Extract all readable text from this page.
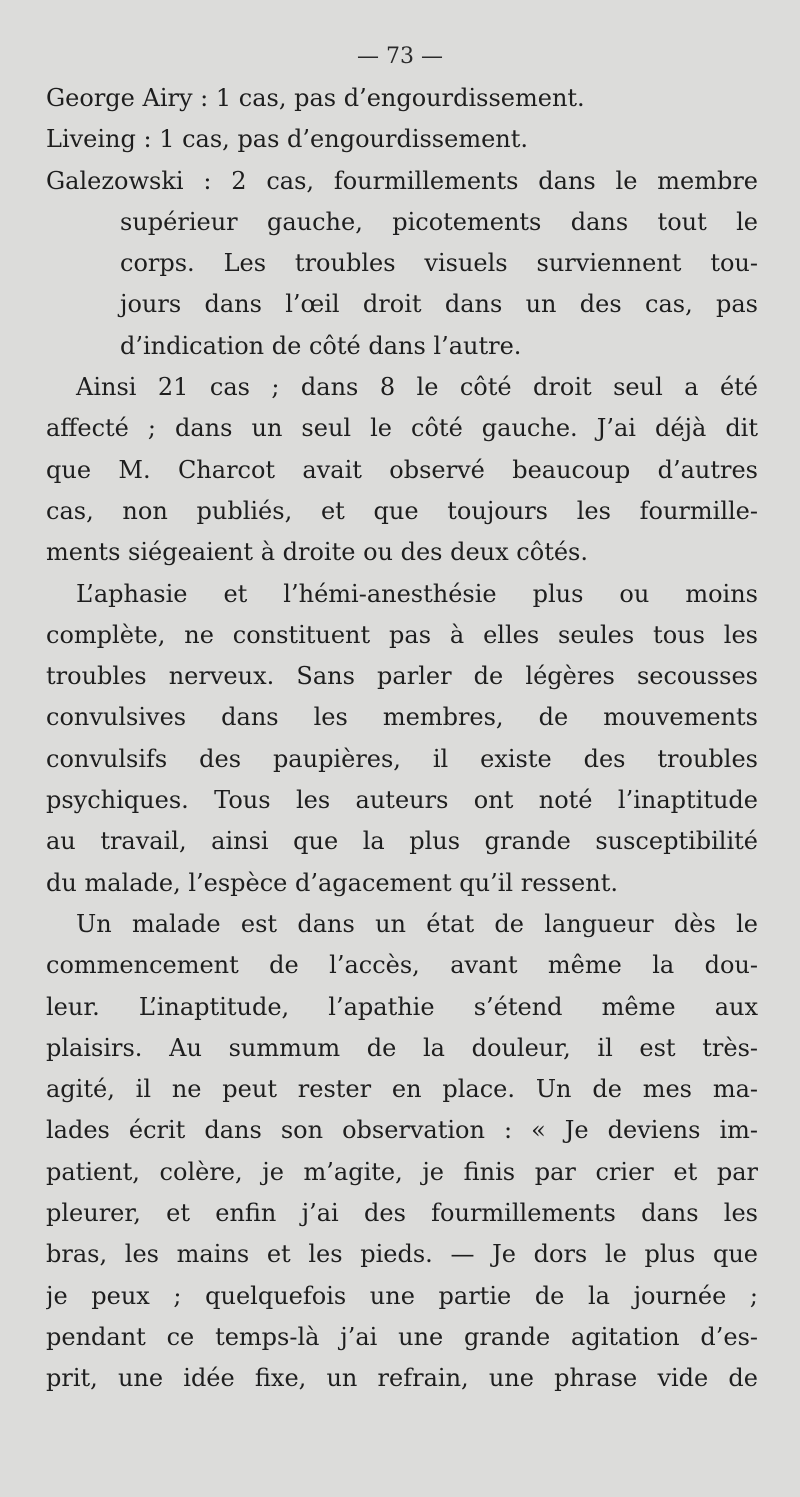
— 73 —
George Airy : 1 cas, pas d’engourdissement.
Liveing : 1 cas, pas d’engourdissement.
Galezowski : 2 cas, fourmillements dans le membre
supérieur gauche, picotements dans tout le
corps. Les troubles visuels surviennent tou-
jours dans l’œil droit dans un des cas, pas
d’indication de côté dans l’autre.
Ainsi 21 cas ; dans 8 le côté droit seul a été
affecté ; dans un seul le côté gauche. J’ai déjà dit
que M. Charcot avait observé beaucoup d’autres
cas, non publiés, et que toujours les fourmille-
ments siégeaient à droite ou des deux côtés.
L’aphasie et l’hémi-anesthésie plus ou moins
complète, ne constituent pas à elles seules tous les
troubles nerveux. Sans parler de légères secousses
convulsives dans les membres, de mouvements
convulsifs des paupières, il existe des troubles
psychiques. Tous les auteurs ont noté l’inaptitude
au travail, ainsi que la plus grande susceptibilité
du malade, l’espèce d’agacement qu’il ressent.
Un malade est dans un état de langueur dès le
commencement de l’accès, avant même la dou-
leur. L’inaptitude, l’apathie s’étend même aux
plaisirs. Au summum de la douleur, il est très-
agité, il ne peut rester en place. Un de mes ma-
lades écrit dans son observation : « Je deviens im-
patient, colère, je m’agite, je finis par crier et par
pleurer, et enfin j’ai des fourmillements dans les
bras, les mains et les pieds. — Je dors le plus que
je peux ; quelquefois une partie de la journée ;
pendant ce temps-là j’ai une grande agitation d’es-
prit, une idée fixe, un refrain, une phrase vide de
